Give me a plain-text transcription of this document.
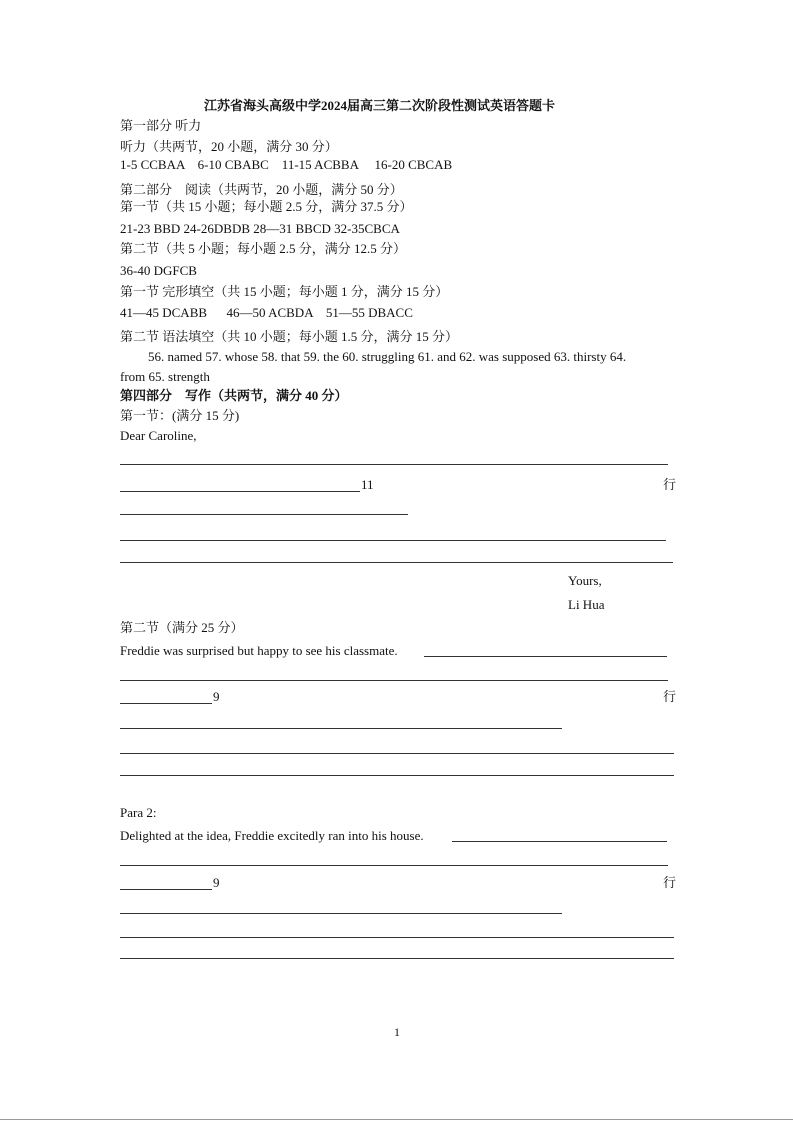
江苏省海头高级中学2024届高三第二次阶段性测试英语答题卡
第一部分 听力
听力（共两节，20 小题，满分 30 分）
1-5 CCBAA    6-10 CBABC    11-15 ACBBA     16-20 CBCAB
第二部分    阅读（共两节，20 小题，满分 50 分）
第一节（共 15 小题；每小题 2.5 分，满分 37.5 分）
21-23 BBD 24-26DBDB 28—31 BBCD 32-35CBCA
第二节（共 5 小题；每小题 2.5 分，满分 12.5 分）
36-40 DGFCB
第一节 完形填空（共 15 小题；每小题 1 分，满分 15 分）
41—45 DCABB      46—50 ACBDA    51—55 DBACC
第二节 语法填空（共 10 小题；每小题 1.5 分，满分 15 分）
56. named 57. whose 58. that 59. the 60. struggling 61. and 62. was supposed 63. thirsty 64.
from 65. strength
第四部分    写作（共两节，满分 40 分）
第一节：(满分 15 分)
Dear Caroline,
11	行
Yours,
Li Hua
第二节（满分 25 分）
Freddie was surprised but happy to see his classmate.
9	行
Para 2:
Delighted at the idea, Freddie excitedly ran into his house.
9	行
1
